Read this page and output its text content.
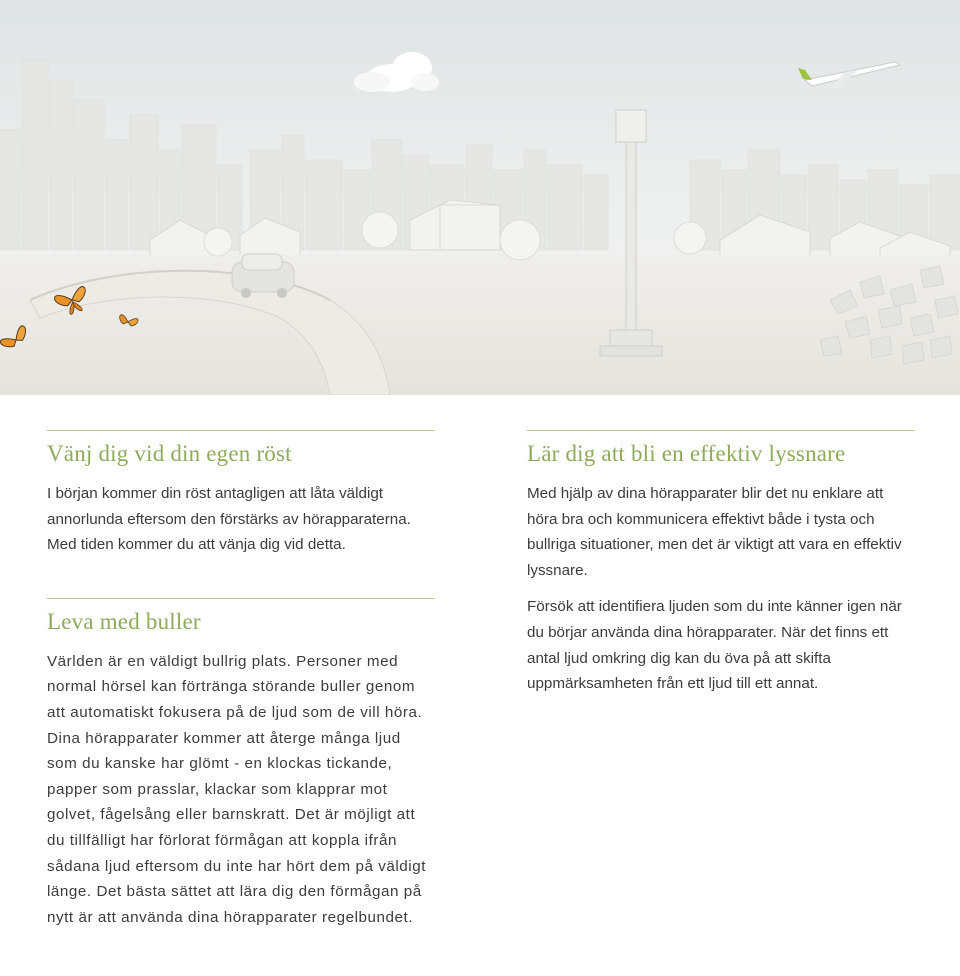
Vänj dig vid din egen röst

I början kommer din röst antagligen att låta väldigt annorlunda eftersom den förstärks av hörapparaterna. Med tiden kommer du att vänja dig vid detta.

Leva med buller

Världen är en väldigt bullrig plats. Personer med normal hörsel kan förtränga störande buller genom att automatiskt fokusera på de ljud som de vill höra. Dina hörapparater kommer att återge många ljud som du kanske har glömt - en klockas tickande, papper som prasslar, klackar som klapprar mot golvet, fågelsång eller barnskratt. Det är möjligt att du tillfälligt har förlorat förmågan att koppla ifrån sådana ljud eftersom du inte har hört dem på väldigt länge. Det bästa sättet att lära dig den förmågan på nytt är att använda dina hörapparater regelbundet.

Lär dig att bli en effektiv lyssnare

Med hjälp av dina hörapparater blir det nu enklare att höra bra och kommunicera effektivt både i tysta och bullriga situationer, men det är viktigt att vara en effektiv lyssnare.

Försök att identifiera ljuden som du inte känner igen när du börjar använda dina hörapparater. När det finns ett antal ljud omkring dig kan du öva på att skifta uppmärksamheten från ett ljud till ett annat.
